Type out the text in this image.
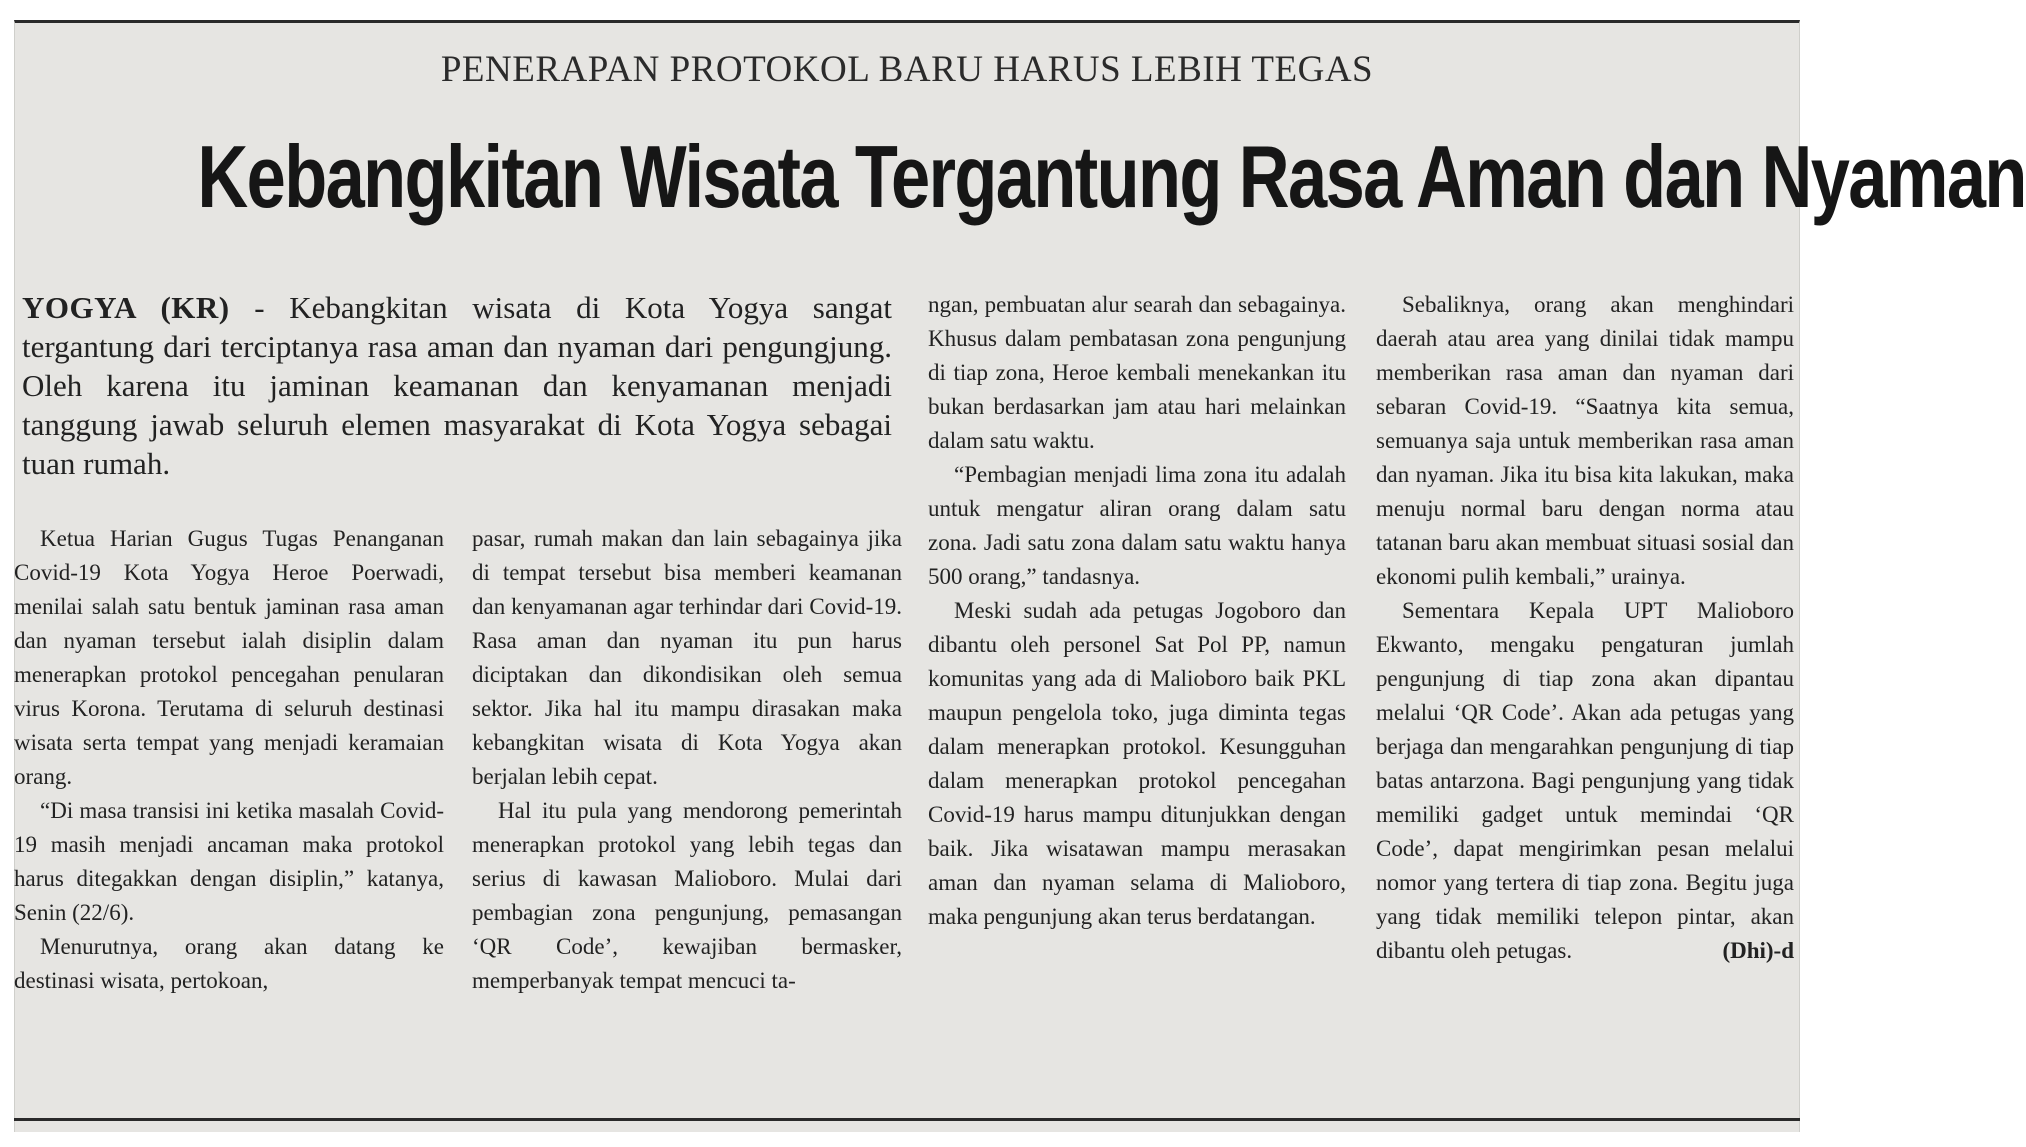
PENERAPAN PROTOKOL BARU HARUS LEBIH TEGAS
Kebangkitan Wisata Tergantung Rasa Aman dan Nyaman
YOGYA (KR) - Kebangkitan wisata di Kota Yogya sangat tergantung dari terciptanya rasa aman dan nyaman dari pengungjung. Oleh karena itu jaminan keamanan dan kenyamanan menjadi tanggung jawab seluruh elemen masyarakat di Kota Yogya sebagai tuan rumah.

Ketua Harian Gugus Tugas Penanganan Covid-19 Kota Yogya Heroe Poerwadi, menilai salah satu bentuk jaminan rasa aman dan nyaman tersebut ialah disiplin dalam menerapkan protokol pencegahan penularan virus Korona. Terutama di seluruh destinasi wisata serta tempat yang menjadi keramaian orang.

“Di masa transisi ini ketika masalah Covid-19 masih menjadi ancaman maka protokol harus ditegakkan dengan disiplin,” katanya, Senin (22/6).

Menurutnya, orang akan datang ke destinasi wisata, pertokoan,

pasar, rumah makan dan lain sebagainya jika di tempat tersebut bisa memberi keamanan dan kenyamanan agar terhindar dari Covid-19. Rasa aman dan nyaman itu pun harus diciptakan dan dikondisikan oleh semua sektor. Jika hal itu mampu dirasakan maka kebangkitan wisata di Kota Yogya akan berjalan lebih cepat.

Hal itu pula yang mendorong pemerintah menerapkan protokol yang lebih tegas dan serius di kawasan Malioboro. Mulai dari pembagian zona pengunjung, pemasangan ‘QR Code’, kewajiban bermasker, memperbanyak tempat mencuci ta-

ngan, pembuatan alur searah dan sebagainya. Khusus dalam pembatasan zona pengunjung di tiap zona, Heroe kembali menekankan itu bukan berdasarkan jam atau hari melainkan dalam satu waktu.

“Pembagian menjadi lima zona itu adalah untuk mengatur aliran orang dalam satu zona. Jadi satu zona dalam satu waktu hanya 500 orang,” tandasnya.

Meski sudah ada petugas Jogoboro dan dibantu oleh personel Sat Pol PP, namun komunitas yang ada di Malioboro baik PKL maupun pengelola toko, juga diminta tegas dalam menerapkan protokol. Kesungguhan dalam menerapkan protokol pencegahan Covid-19 harus mampu ditunjukkan dengan baik. Jika wisatawan mampu merasakan aman dan nyaman selama di Malioboro, maka pengunjung akan terus berdatangan.

Sebaliknya, orang akan menghindari daerah atau area yang dinilai tidak mampu memberikan rasa aman dan nyaman dari sebaran Covid-19. “Saatnya kita semua, semuanya saja untuk memberikan rasa aman dan nyaman. Jika itu bisa kita lakukan, maka menuju normal baru dengan norma atau tatanan baru akan membuat situasi sosial dan ekonomi pulih kembali,” urainya.

Sementara Kepala UPT Malioboro Ekwanto, mengaku pengaturan jumlah pengunjung di tiap zona akan dipantau melalui ‘QR Code’. Akan ada petugas yang berjaga dan mengarahkan pengunjung di tiap batas antarzona. Bagi pengunjung yang tidak memiliki gadget untuk memindai ‘QR Code’, dapat mengirimkan pesan melalui nomor yang tertera di tiap zona. Begitu juga yang tidak memiliki telepon pintar, akan dibantu oleh petugas.	(Dhi)-d
